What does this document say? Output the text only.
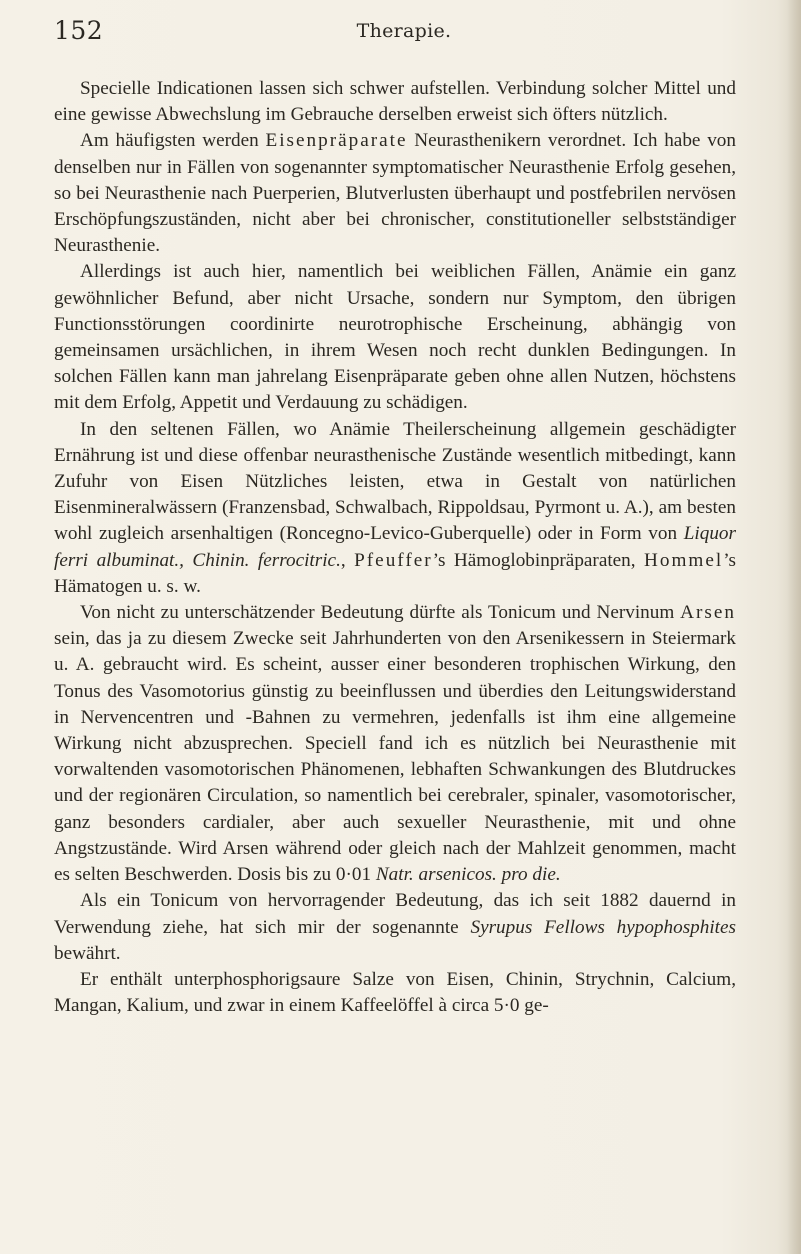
152	Therapie.

Specielle Indicationen lassen sich schwer aufstellen. Verbindung solcher Mittel und eine gewisse Abwechslung im Gebrauche derselben erweist sich öfters nützlich.

Am häufigsten werden Eisenpräparate Neurasthenikern verordnet. Ich habe von denselben nur in Fällen von sogenannter symptomatischer Neurasthenie Erfolg gesehen, so bei Neurasthenie nach Puerperien, Blutverlusten überhaupt und postfebrilen nervösen Erschöpfungszuständen, nicht aber bei chronischer, constitutioneller selbstständiger Neurasthenie.

Allerdings ist auch hier, namentlich bei weiblichen Fällen, Anämie ein ganz gewöhnlicher Befund, aber nicht Ursache, sondern nur Symptom, den übrigen Functionsstörungen coordinirte neurotrophische Erscheinung, abhängig von gemeinsamen ursächlichen, in ihrem Wesen noch recht dunklen Bedingungen. In solchen Fällen kann man jahrelang Eisenpräparate geben ohne allen Nutzen, höchstens mit dem Erfolg, Appetit und Verdauung zu schädigen.

In den seltenen Fällen, wo Anämie Theilerscheinung allgemein geschädigter Ernährung ist und diese offenbar neurasthenische Zustände wesentlich mitbedingt, kann Zufuhr von Eisen Nützliches leisten, etwa in Gestalt von natürlichen Eisenmineralwässern (Franzensbad, Schwalbach, Rippoldsau, Pyrmont u. A.), am besten wohl zugleich arsenhaltigen (Roncegno-Levico-Guberquelle) oder in Form von Liquor ferri albuminat., Chinin. ferrocitric., Pfeuffer’s Hämoglobinpräparaten, Hommel’s Hämatogen u. s. w.

Von nicht zu unterschätzender Bedeutung dürfte als Tonicum und Nervinum Arsen sein, das ja zu diesem Zwecke seit Jahrhunderten von den Arsenikessern in Steiermark u. A. gebraucht wird. Es scheint, ausser einer besonderen trophischen Wirkung, den Tonus des Vasomotorius günstig zu beeinflussen und überdies den Leitungswiderstand in Nervencentren und -Bahnen zu vermehren, jedenfalls ist ihm eine allgemeine Wirkung nicht abzusprechen. Speciell fand ich es nützlich bei Neurasthenie mit vorwaltenden vasomotorischen Phänomenen, lebhaften Schwankungen des Blutdruckes und der regionären Circulation, so namentlich bei cerebraler, spinaler, vasomotorischer, ganz besonders cardialer, aber auch sexueller Neurasthenie, mit und ohne Angstzustände. Wird Arsen während oder gleich nach der Mahlzeit genommen, macht es selten Beschwerden. Dosis bis zu 0·01 Natr. arsenicos. pro die.

Als ein Tonicum von hervorragender Bedeutung, das ich seit 1882 dauernd in Verwendung ziehe, hat sich mir der sogenannte Syrupus Fellows hypophosphites bewährt.

Er enthält unterphosphorigsaure Salze von Eisen, Chinin, Strychnin, Calcium, Mangan, Kalium, und zwar in einem Kaffeelöffel à circa 5·0 ge-
